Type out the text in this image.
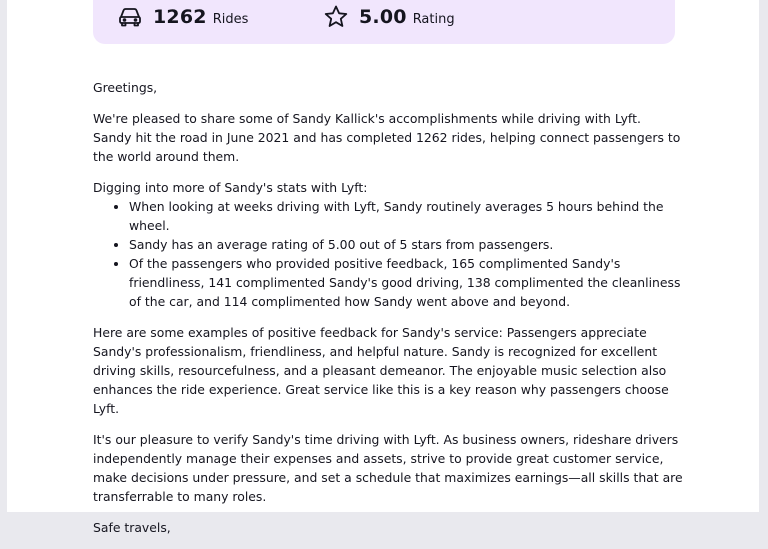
1262 Rides	5.00 Rating

Greetings,

We're pleased to share some of Sandy Kallick's accomplishments while driving with Lyft. Sandy hit the road in June 2021 and has completed 1262 rides, helping connect passengers to the world around them.

Digging into more of Sandy's stats with Lyft:

• When looking at weeks driving with Lyft, Sandy routinely averages 5 hours behind the wheel.
• Sandy has an average rating of 5.00 out of 5 stars from passengers.
• Of the passengers who provided positive feedback, 165 complimented Sandy's friendliness, 141 complimented Sandy's good driving, 138 complimented the cleanliness of the car, and 114 complimented how Sandy went above and beyond.

Here are some examples of positive feedback for Sandy's service: Passengers appreciate Sandy's professionalism, friendliness, and helpful nature. Sandy is recognized for excellent driving skills, resourcefulness, and a pleasant demeanor. The enjoyable music selection also enhances the ride experience. Great service like this is a key reason why passengers choose Lyft.

It's our pleasure to verify Sandy's time driving with Lyft. As business owners, rideshare drivers independently manage their expenses and assets, strive to provide great customer service, make decisions under pressure, and set a schedule that maximizes earnings—all skills that are transferrable to many roles.

Safe travels,
